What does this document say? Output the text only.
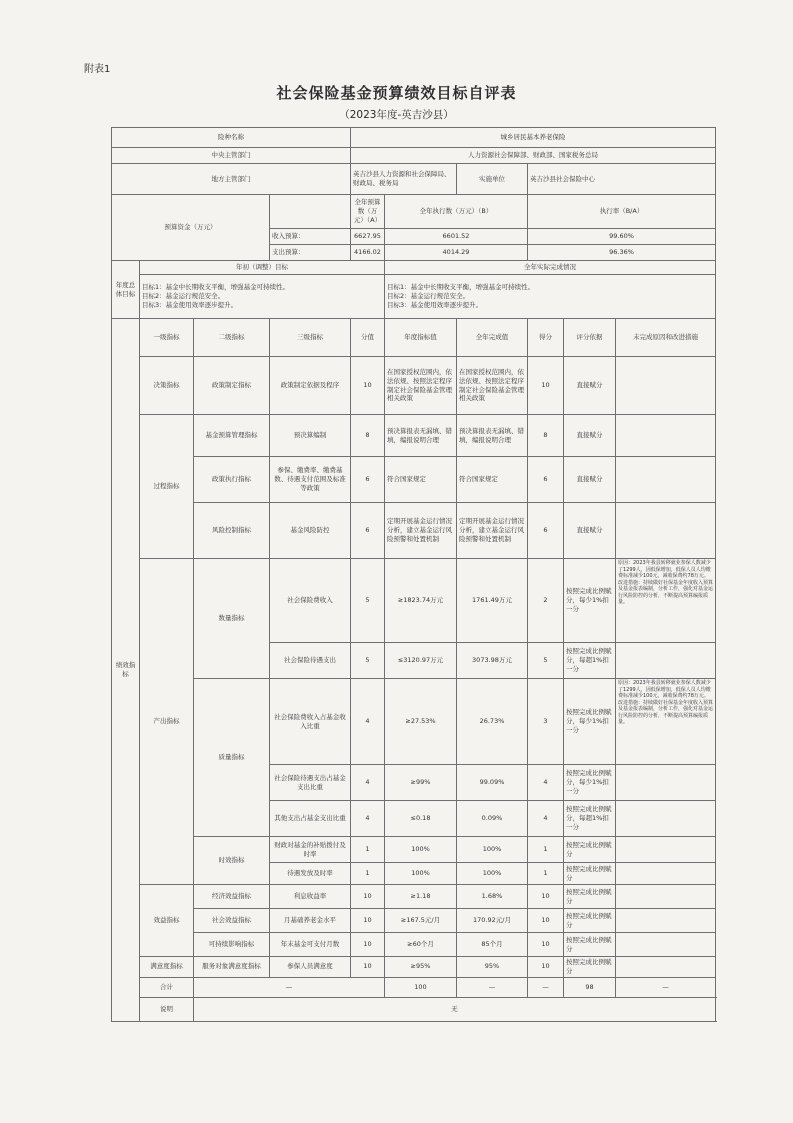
附表1
社会保险基金预算绩效目标自评表
（2023年度-英吉沙县）
险种名称				城乡居民基本养老保险					
中央主管部门				人力资源社会保障部、财政部、国家税务总局					
地方主管部门				英吉沙县人力资源和社会保障局、财政局、税务局		实施单位	英吉沙县社会保险中心		
预算资金（万元）				全年预算数（万元）（A）	全年执行数（万元）（B）		执行率（B/A）		
			收入预算：	6627.95	6601.52		99.60%		
			支出预算：	4166.02	4014.29		96.36%		
年度总体目标	年初（调整）目标				全年实际完成情况				
	目标1：基金中长期收支平衡，增强基金可持续性。
目标2：基金运行规范安全。
目标3：基金使用效率逐步提升。				目标1：基金中长期收支平衡，增强基金可持续性。
目标2：基金运行规范安全。
目标3：基金使用效率逐步提升。				
绩效指标	一级指标	二级指标	三级指标	分值	年度指标值	全年完成值	得分	评分依据	未完成原因和改进措施
	决策指标	政策制定指标	政策制定依据及程序	10	在国家授权范围内，依法依规、按照法定程序制定社会保险基金管理相关政策	在国家授权范围内，依法依规、按照法定程序制定社会保险基金管理相关政策	10	直接赋分	
	过程指标	基金预算管理指标	预决算编制	8	预决算报表无漏填、错填，编报说明合理	预决算报表无漏填、错填，编报说明合理	8	直接赋分	
		政策执行指标	参保、缴费率、缴费基数、待遇支付范围及标准等政策	6	符合国家规定	符合国家规定	6	直接赋分	
		风险控制指标	基金风险防控	6	定期开展基金运行情况分析，建立基金运行风险预警和处置机制	定期开展基金运行情况分析，建立基金运行风险预警和处置机制	6	直接赋分	
	产出指标	数量指标	社会保险费收入	5	≥1823.74万元	1761.49万元	2	按照完成比例赋分，每少1%扣一分	原因：2023年我县转移就业参保人数减少了1299人，因低保增加，低保人员人均缴费标准减少100元，减收保费约78万元。改进措施：持续做好社保基金年度收入预算及基金报表编制，分析工作，强化对基金运行风险防控的分析，不断提高预算编报质量。
			社会保险待遇支出	5	≤3120.97万元	3073.98万元	5	按照完成比例赋分，每超1%扣一分	
		质量指标	社会保险费收入占基金收入比重	4	≥27.53%	26.73%	3	按照完成比例赋分，每少1%扣一分	原因：2023年我县转移就业参保人数减少了1299人，因低保增加，低保人员人均缴费标准减少100元，减收保费约78万元。改进措施：持续做好社保基金年度收入预算及基金报表编制，分析工作，强化对基金运行风险防控的分析，不断提高预算编报质量。
			社会保险待遇支出占基金支出比重	4	≥99%	99.09%	4	按照完成比例赋分，每少1%扣一分	
			其他支出占基金支出比重	4	≤0.18	0.09%	4	按照完成比例赋分，每超1%扣一分	
		时效指标	财政对基金的补贴拨付及时率	1	100%	100%	1	按照完成比例赋分	
			待遇发放及时率	1	100%	100%	1	按照完成比例赋分	
	效益指标	经济效益指标	利息收益率	10	≥1.18	1.68%	10	按照完成比例赋分	
		社会效益指标	月基础养老金水平	10	≥167.5元/月	170.92元/月	10	按照完成比例赋分	
		可持续影响指标	年末基金可支付月数	10	≥60个月	85个月	10	按照完成比例赋分	
	满意度指标	服务对象满意度指标	参保人员满意度	10	≥95%	95%	10	按照完成比例赋分	
	合计	—			100	—	—	98	—
	说明	无							
